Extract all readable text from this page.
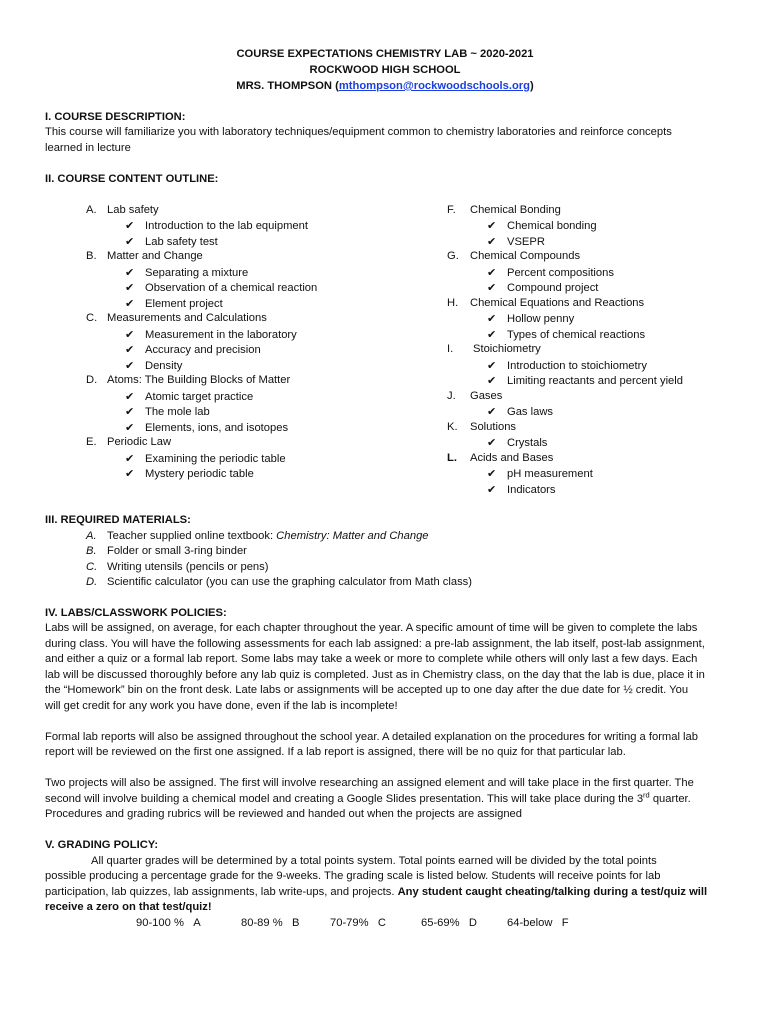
COURSE EXPECTATIONS CHEMISTRY LAB ~ 2020-2021
ROCKWOOD HIGH SCHOOL
MRS. THOMPSON (mthompson@rockwoodschools.org)
I. COURSE DESCRIPTION:
This course will familiarize you with laboratory techniques/equipment common to chemistry laboratories and reinforce concepts
learned in lecture
II. COURSE CONTENT OUTLINE:
A. Lab safety
✔ Introduction to the lab equipment
✔ Lab safety test
B. Matter and Change
✔ Separating a mixture
✔ Observation of a chemical reaction
✔ Element project
C. Measurements and Calculations
✔ Measurement in the laboratory
✔ Accuracy and precision
✔ Density
D. Atoms: The Building Blocks of Matter
✔ Atomic target practice
✔ The mole lab
✔ Elements, ions, and isotopes
E. Periodic Law
✔ Examining the periodic table
✔ Mystery periodic table
F. Chemical Bonding
✔ Chemical bonding
✔ VSEPR
G. Chemical Compounds
✔ Percent compositions
✔ Compound project
H. Chemical Equations and Reactions
✔ Hollow penny
✔ Types of chemical reactions
I. Stoichiometry
✔ Introduction to stoichiometry
✔ Limiting reactants and percent yield
J. Gases
✔ Gas laws
K. Solutions
✔ Crystals
L. Acids and Bases
✔ pH measurement
✔ Indicators
III. REQUIRED MATERIALS:
A. Teacher supplied online textbook: Chemistry: Matter and Change
B. Folder or small 3-ring binder
C. Writing utensils (pencils or pens)
D. Scientific calculator (you can use the graphing calculator from Math class)
IV. LABS/CLASSWORK POLICIES:
Labs will be assigned, on average, for each chapter throughout the year. A specific amount of time will be given to complete the labs
during class. You will have the following assessments for each lab assigned: a pre-lab assignment, the lab itself, post-lab assignment,
and either a quiz or a formal lab report. Some labs may take a week or more to complete while others will only last a few days. Each
lab will be discussed thoroughly before any lab quiz is completed. Just as in Chemistry class, on the day that the lab is due, place it in
the “Homework” bin on the front desk. Late labs or assignments will be accepted up to one day after the due date for ½ credit. You
will get credit for any work you have done, even if the lab is incomplete!
Formal lab reports will also be assigned throughout the school year. A detailed explanation on the procedures for writing a formal lab
report will be reviewed on the first one assigned. If a lab report is assigned, there will be no quiz for that particular lab.
Two projects will also be assigned. The first will involve researching an assigned element and will take place in the first quarter. The
second will involve building a chemical model and creating a Google Slides presentation. This will take place during the 3rd quarter.
Procedures and grading rubrics will be reviewed and handed out when the projects are assigned
V. GRADING POLICY:
All quarter grades will be determined by a total points system. Total points earned will be divided by the total points
possible producing a percentage grade for the 9-weeks. The grading scale is listed below. Students will receive points for lab
participation, lab quizzes, lab assignments, lab write-ups, and projects. Any student caught cheating/talking during a test/quiz will
receive a zero on that test/quiz!
90-100 % A	80-89 % B	70-79% C	65-69% D	64-below F
